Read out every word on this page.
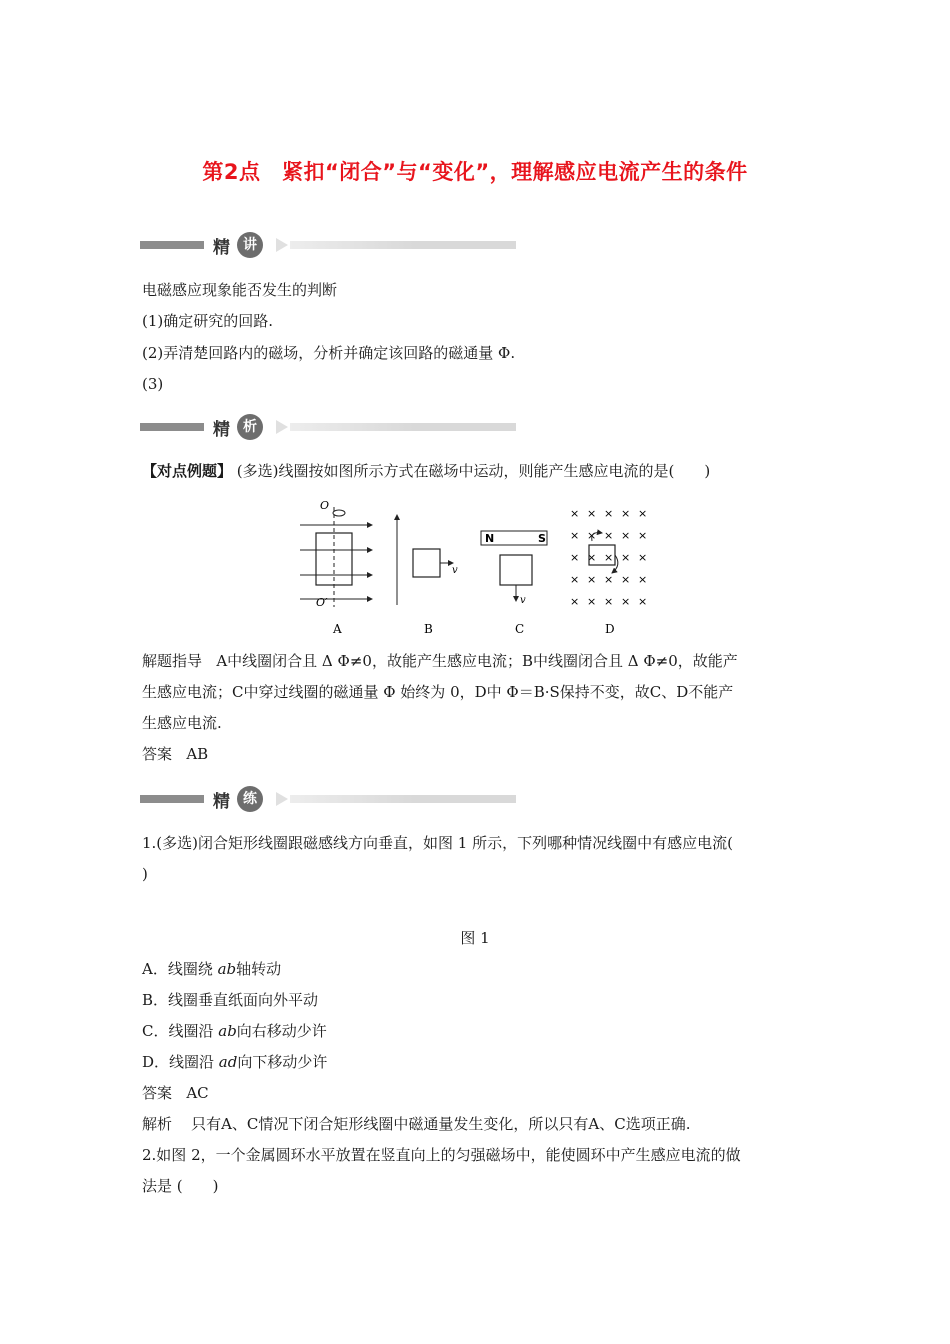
第2点　紧扣“闭合”与“变化”，理解感应电流产生的条件
精 讲
电磁感应现象能否发生的判断
(1)确定研究的回路.
(2)弄清楚回路内的磁场，分析并确定该回路的磁通量 Φ.
(3)
精 析
【对点例题】 (多选)线圈按如图所示方式在磁场中运动，则能产生感应电流的是(　　)
O
O′
v
N	S
v
× × × × ×
× × × × ×
× × × × ×
× × × × ×
× × × × ×
A	B	C	D
解题指导 A中线圈闭合且 Δ Φ≠0，故能产生感应电流；B中线圈闭合且 Δ Φ≠0，故能产
生感应电流；C中穿过线圈的磁通量 Φ 始终为 0，D中 Φ＝B·S保持不变，故C、D不能产
生感应电流.
答案 AB
精 练
1.(多选)闭合矩形线圈跟磁感线方向垂直，如图 1 所示，下列哪种情况线圈中有感应电流(
)
图 1
A．线圈绕 ab轴转动
B．线圈垂直纸面向外平动
C．线圈沿 ab向右移动少许
D．线圈沿 ad向下移动少许
答案 AC
解析 只有A、C情况下闭合矩形线圈中磁通量发生变化，所以只有A、C选项正确.
2.如图 2，一个金属圆环水平放置在竖直向上的匀强磁场中，能使圆环中产生感应电流的做
法是 (　　)
